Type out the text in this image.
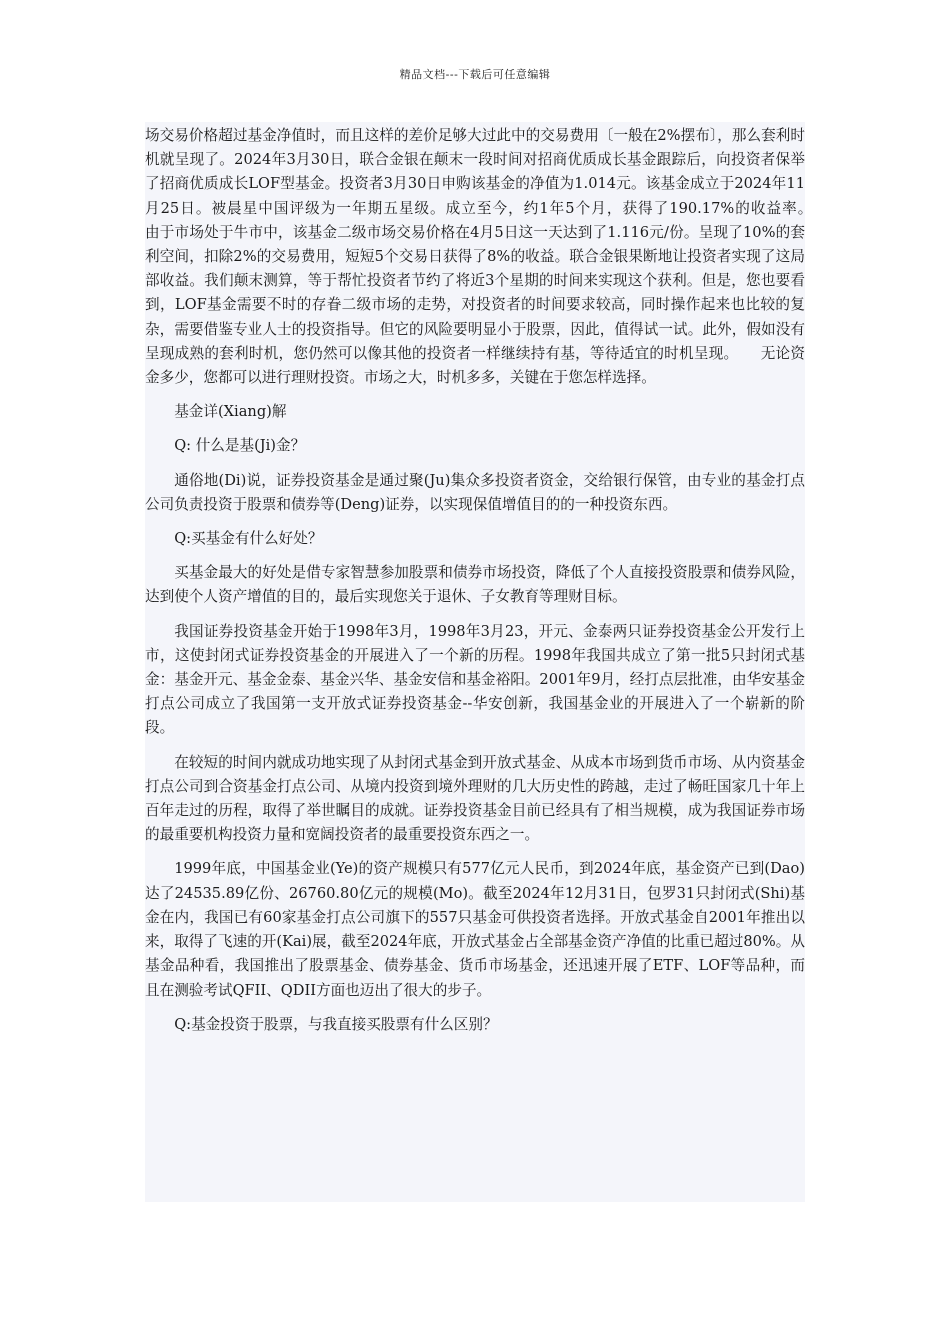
精品文档---下载后可任意编辑

场交易价格超过基金净值时，而且这样的差价足够大过此中的交易费用〔一般在2%摆布〕，那么套利时机就呈现了。2024年3月30日，联合金银在颠末一段时间对招商优质成长基金跟踪后，向投资者保举了招商优质成长LOF型基金。投资者3月30日申购该基金的净值为1.014元。该基金成立于2024年11月25日。被晨星中国评级为一年期五星级。成立至今，约1年5个月，获得了190.17%的收益率。　　由于市场处于牛市中，该基金二级市场交易价格在4月5日这一天达到了1.116元/份。呈现了10%的套利空间，扣除2%的交易费用，短短5个交易日获得了8%的收益。联合金银果断地让投资者实现了这局部收益。我们颠末测算，等于帮忙投资者节约了将近3个星期的时间来实现这个获利。但是，您也要看到，LOF基金需要不时的存眷二级市场的走势，对投资者的时间要求较高，同时操作起来也比较的复杂，需要借鉴专业人士的投资指导。但它的风险要明显小于股票，因此，值得试一试。此外，假如没有呈现成熟的套利时机，您仍然可以像其他的投资者一样继续持有基，等待适宜的时机呈现。　　无论资金多少，您都可以进行理财投资。市场之大，时机多多，关键在于您怎样选择。

基金详(Xiang)解

Q: 什么是基(Ji)金？

通俗地(Di)说，证券投资基金是通过聚(Ju)集众多投资者资金，交给银行保管，由专业的基金打点公司负责投资于股票和债券等(Deng)证券，以实现保值增值目的的一种投资东西。

Q:买基金有什么好处？

买基金最大的好处是借专家智慧参加股票和债券市场投资，降低了个人直接投资股票和债券风险，达到使个人资产增值的目的，最后实现您关于退休、子女教育等理财目标。

我国证券投资基金开始于1998年3月，1998年3月23，开元、金泰两只证券投资基金公开发行上市，这使封闭式证券投资基金的开展进入了一个新的历程。1998年我国共成立了第一批5只封闭式基金：基金开元、基金金泰、基金兴华、基金安信和基金裕阳。2001年9月，经打点层批准，由华安基金打点公司成立了我国第一支开放式证券投资基金--华安创新，我国基金业的开展进入了一个崭新的阶段。

在较短的时间内就成功地实现了从封闭式基金到开放式基金、从成本市场到货币市场、从内资基金打点公司到合资基金打点公司、从境内投资到境外理财的几大历史性的跨越，走过了畅旺国家几十年上百年走过的历程，取得了举世瞩目的成就。证券投资基金目前已经具有了相当规模，成为我国证券市场的最重要机构投资力量和宽阔投资者的最重要投资东西之一。

1999年底，中国基金业(Ye)的资产规模只有577亿元人民币，到2024年底，基金资产已到(Dao)达了24535.89亿份、26760.80亿元的规模(Mo)。截至2024年12月31日，包罗31只封闭式(Shi)基金在内，我国已有60家基金打点公司旗下的557只基金可供投资者选择。开放式基金自2001年推出以来，取得了飞速的开(Kai)展，截至2024年底，开放式基金占全部基金资产净值的比重已超过80%。从基金品种看，我国推出了股票基金、债券基金、货币市场基金，还迅速开展了ETF、LOF等品种，而且在测验考试QFII、QDII方面也迈出了很大的步子。

Q:基金投资于股票，与我直接买股票有什么区别？
